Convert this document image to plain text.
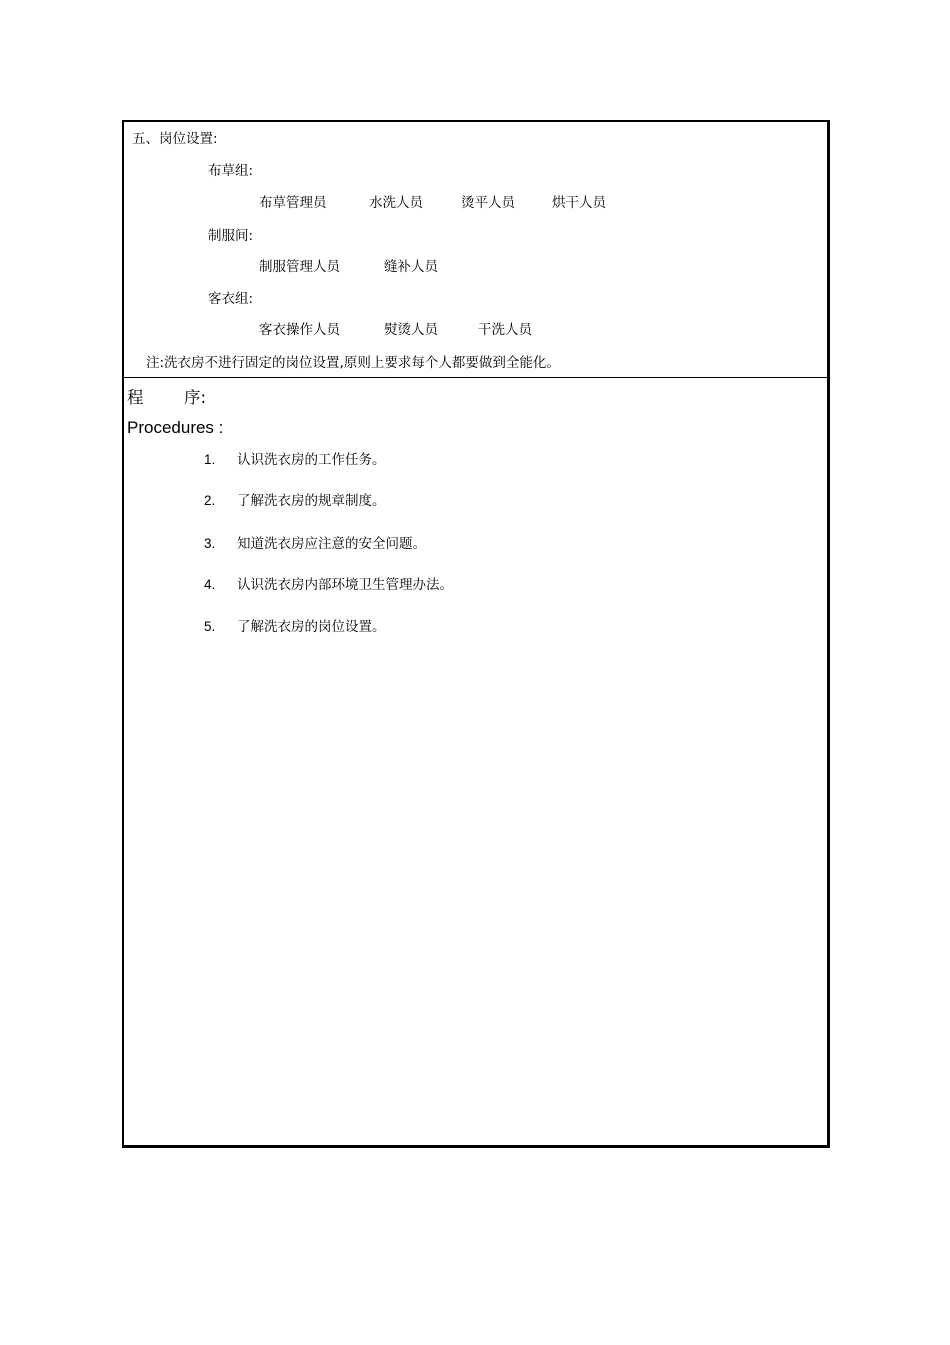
五、岗位设置:
布草组:
布草管理员	水洗人员	烫平人员	烘干人员
制服间:
制服管理人员	缝补人员
客衣组:
客衣操作人员	熨烫人员	干洗人员
注:洗衣房不进行固定的岗位设置,原则上要求每个人都要做到全能化。
程 序:
Procedures :
1. 认识洗衣房的工作任务。
2. 了解洗衣房的规章制度。
3. 知道洗衣房应注意的安全问题。
4. 认识洗衣房内部环境卫生管理办法。
5. 了解洗衣房的岗位设置。
